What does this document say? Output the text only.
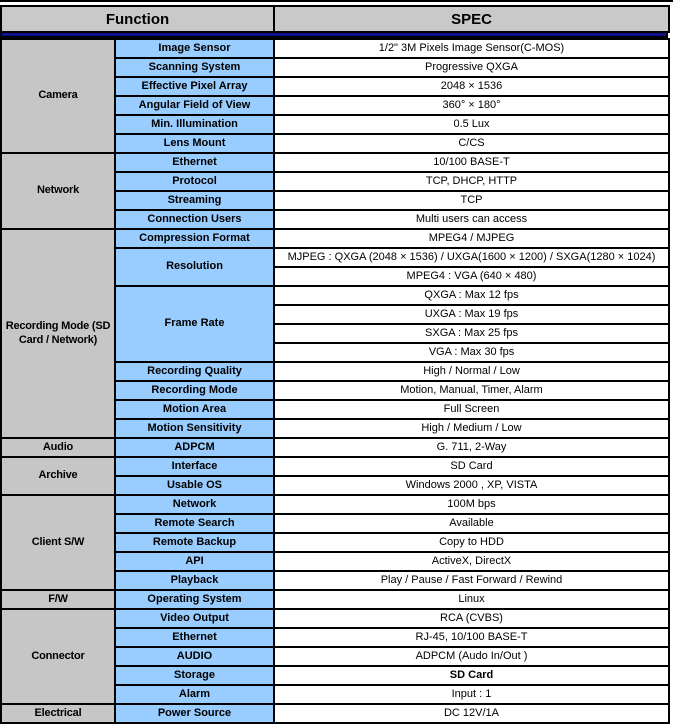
Function	SPEC
Camera	Image Sensor	1/2" 3M Pixels Image Sensor(C-MOS)
	Scanning System	Progressive QXGA
	Effective Pixel Array	2048 × 1536
	Angular Field of View	360° × 180°
	Min. Illumination	0.5 Lux
	Lens Mount	C/CS
Network	Ethernet	10/100 BASE-T
	Protocol	TCP, DHCP, HTTP
	Streaming	TCP
	Connection Users	Multi users can access
Recording Mode (SD Card / Network)	Compression Format	MPEG4 / MJPEG
	Resolution	MJPEG : QXGA (2048 × 1536) / UXGA(1600 × 1200) / SXGA(1280 × 1024)
		MPEG4 : VGA (640 × 480)
	Frame Rate	QXGA : Max 12 fps
		UXGA : Max 19 fps
		SXGA : Max 25 fps
		VGA : Max 30 fps
	Recording Quality	High / Normal / Low
	Recording Mode	Motion, Manual, Timer, Alarm
	Motion Area	Full Screen
	Motion Sensitivity	High / Medium / Low
Audio	ADPCM	G. 711, 2-Way
Archive	Interface	SD Card
	Usable OS	Windows 2000 , XP, VISTA
Client S/W	Network	100M bps
	Remote Search	Available
	Remote Backup	Copy to HDD
	API	ActiveX, DirectX
	Playback	Play / Pause / Fast Forward / Rewind
F/W	Operating System	Linux
Connector	Video Output	RCA (CVBS)
	Ethernet	RJ-45, 10/100 BASE-T
	AUDIO	ADPCM (Audo In/Out )
	Storage	SD Card
	Alarm	Input : 1
Electrical	Power Source	DC 12V/1A
